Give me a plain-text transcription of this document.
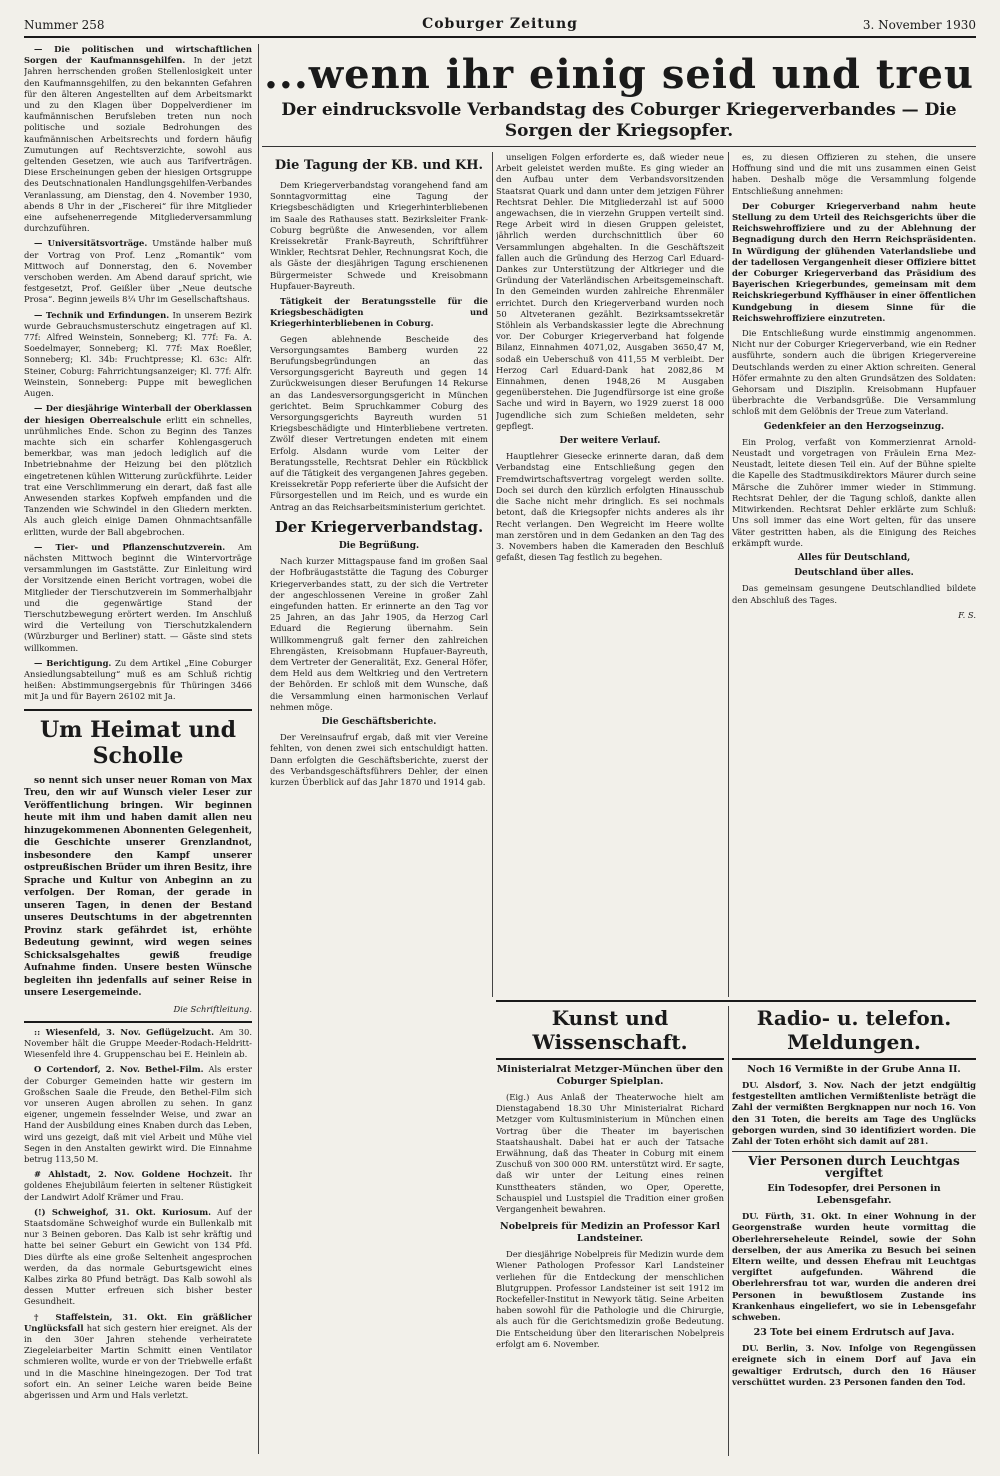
Nummer 258	Coburger Zeitung	3. November 1930

— Die politischen und wirtschaftlichen Sorgen der Kaufmannsgehilfen. In der jetzt Jahren herrschenden großen Stellenlosigkeit unter den Kaufmannsgehilfen, zu den bekannten Gefahren für den älteren Angestellten auf dem Arbeitsmarkt und zu den Klagen über Doppelverdiener im kaufmännischen Berufsleben treten nun noch politische und soziale Bedrohungen des kaufmännischen Arbeitsrechts und fordern häufig Zumutungen auf Rechtsverzichte, sowohl aus geltenden Gesetzen, wie auch aus Tarifverträgen. Diese Erscheinungen geben der hiesigen Ortsgruppe des Deutschnationalen Handlungsgehilfen-Verbandes Veranlassung, am Dienstag, den 4. November 1930, abends 8 Uhr in der „Fischerei“ für ihre Mitglieder eine aufsehenerregende Mitgliederversammlung durchzuführen.

— Universitätsvorträge. Umstände halber muß der Vortrag von Prof. Lenz „Romantik“ vom Mittwoch auf Donnerstag, den 6. November verschoben werden. Am Abend darauf spricht, wie festgesetzt, Prof. Geißler über „Neue deutsche Prosa“. Beginn jeweils 8¼ Uhr im Gesellschaftshaus.

— Technik und Erfindungen. In unserem Bezirk wurde Gebrauchsmusterschutz eingetragen auf Kl. 77f: Alfred Weinstein, Sonneberg; Kl. 77f: Fa. A. Soedelmayer, Sonneberg; Kl. 77f: Max Roeßler, Sonneberg; Kl. 34b: Fruchtpresse; Kl. 63c: Alfr. Steiner, Coburg: Fahrrichtungsanzeiger; Kl. 77f: Alfr. Weinstein, Sonneberg: Puppe mit beweglichen Augen.

— Der diesjährige Winterball der Oberklassen der hiesigen Oberrealschule erlitt ein schnelles, unrühmliches Ende. Schon zu Beginn des Tanzes machte sich ein scharfer Kohlengasgeruch bemerkbar, was man jedoch lediglich auf die Inbetriebnahme der Heizung bei den plötzlich eingetretenen kühlen Witterung zurückführte. Leider trat eine Verschlimmerung ein derart, daß fast alle Anwesenden starkes Kopfweh empfanden und die Tanzenden wie Schwindel in den Gliedern merkten. Als auch gleich einige Damen Ohnmachtsanfälle erlitten, wurde der Ball abgebrochen.

— Tier- und Pflanzenschutzverein. Am nächsten Mittwoch beginnt die Wintervorträge versammlungen im Gaststätte. Zur Einleitung wird der Vorsitzende einen Bericht vortragen, wobei die Mitglieder der Tierschutzverein im Sommerhalbjahr und die gegenwärtige Stand der Tierschutzbewegung erörtert werden. Im Anschluß wird die Verteilung von Tierschutzkalendern (Würzburger und Berliner) statt. — Gäste sind stets willkommen.

— Berichtigung. Zu dem Artikel „Eine Coburger Ansiedlungsabteilung“ muß es am Schluß richtig heißen: Abstimmungsergebnis für Thüringen 3466 mit Ja und für Bayern 26102 mit Ja.

Um Heimat und Scholle

so nennt sich unser neuer Roman von Max Treu, den wir auf Wunsch vieler Leser zur Veröffentlichung bringen. Wir beginnen heute mit ihm und haben damit allen neu hinzugekommenen Abonnenten Gelegenheit, die Geschichte unserer Grenzlandnot, insbesondere den Kampf unserer ostpreußischen Brüder um ihren Besitz, ihre Sprache und Kultur von Anbeginn an zu verfolgen. Der Roman, der gerade in unseren Tagen, in denen der Bestand unseres Deutschtums in der abgetrennten Provinz stark gefährdet ist, erhöhte Bedeutung gewinnt, wird wegen seines Schicksalsgehaltes gewiß freudige Aufnahme finden. Unsere besten Wünsche begleiten ihn jedenfalls auf seiner Reise in unsere Lesergemeinde.

Die Schriftleitung.

:: Wiesenfeld, 3. Nov. Geflügelzucht. Am 30. November hält die Gruppe Meeder-Rodach-Heldritt-Wiesenfeld ihre 4. Gruppenschau bei E. Heinlein ab.

O Cortendorf, 2. Nov. Bethel-Film. Als erster der Coburger Gemeinden hatte wir gestern im Großschen Saale die Freude, den Bethel-Film sich vor unseren Augen abrollen zu sehen. In ganz eigener, ungemein fesselnder Weise, und zwar an Hand der Ausbildung eines Knaben durch das Leben, wird uns gezeigt, daß mit viel Arbeit und Mühe viel Segen in den Anstalten gewirkt wird. Die Einnahme betrug 113,50 M.

# Ahlstadt, 2. Nov. Goldene Hochzeit. Ihr goldenes Ehejubiläum feierten in seltener Rüstigkeit der Landwirt Adolf Krämer und Frau.

(!) Schweighof, 31. Okt. Kuriosum. Auf der Staatsdomäne Schweighof wurde ein Bullenkalb mit nur 3 Beinen geboren. Das Kalb ist sehr kräftig und hatte bei seiner Geburt ein Gewicht von 134 Pfd. Dies dürfte als eine große Seltenheit angesprochen werden, da das normale Geburtsgewicht eines Kalbes zirka 80 Pfund beträgt. Das Kalb sowohl als dessen Mutter erfreuen sich bisher bester Gesundheit.

† Staffelstein, 31. Okt. Ein gräßlicher Unglücksfall hat sich gestern hier ereignet. Als der in den 30er Jahren stehende verheiratete Ziegeleiarbeiter Martin Schmitt einen Ventilator schmieren wollte, wurde er von der Triebwelle erfaßt und in die Maschine hineingezogen. Der Tod trat sofort ein. An seiner Leiche waren beide Beine abgerissen und Arm und Hals verletzt.

...wenn ihr einig seid und treu
Der eindrucksvolle Verbandstag des Coburger Kriegerverbandes — Die Sorgen der Kriegsopfer.
Die Tagung der KB. und KH.

Dem Kriegerverbandstag vorangehend fand am Sonntagvormittag eine Tagung der Kriegsbeschädigten und Kriegerhinterbliebenen im Saale des Rathauses statt. Bezirksleiter Frank-Coburg begrüßte die Anwesenden, vor allem Kreissekretär Frank-Bayreuth, Schriftführer Winkler, Rechtsrat Dehler, Rechnungsrat Koch, die als Gäste der diesjährigen Tagung erschienenen Bürgermeister Schwede und Kreisobmann Hupfauer-Bayreuth.

Tätigkeit der Beratungsstelle für die Kriegsbeschädigten und Kriegerhinterbliebenen in Coburg.

Gegen ablehnende Bescheide des Versorgungsamtes Bamberg wurden 22 Berufungsbegründungen an das Versorgungsgericht Bayreuth und gegen 14 Zurückweisungen dieser Berufungen 14 Rekurse an das Landesversorgungsgericht in München gerichtet. Beim Spruchkammer Coburg des Versorgungsgerichts Bayreuth wurden 51 Kriegsbeschädigte und Hinterbliebene vertreten. Zwölf dieser Vertretungen endeten mit einem Erfolg. Alsdann wurde vom Leiter der Beratungsstelle, Rechtsrat Dehler ein Rückblick auf die Tätigkeit des vergangenen Jahres gegeben. Kreissekretär Popp referierte über die Aufsicht der Fürsorgestellen und im Reich, und es wurde ein Antrag an das Reichsarbeitsministerium gerichtet.

Der Kriegerverbandstag.
Die Begrüßung.

Nach kurzer Mittagspause fand im großen Saal der Hofbräugaststätte die Tagung des Coburger Kriegerverbandes statt, zu der sich die Vertreter der angeschlossenen Vereine in großer Zahl eingefunden hatten. Er erinnerte an den Tag vor 25 Jahren, an das Jahr 1905, da Herzog Carl Eduard die Regierung übernahm. Sein Willkommengruß galt ferner den zahlreichen Ehrengästen, Kreisobmann Hupfauer-Bayreuth, dem Vertreter der Generalität, Exz. General Höfer, dem Held aus dem Weltkrieg und den Vertretern der Behörden. Er schloß mit dem Wunsche, daß die Versammlung einen harmonischen Verlauf nehmen möge.

Die Geschäftsberichte.

Der Vereinsaufruf ergab, daß mit vier Vereine fehlten, von denen zwei sich entschuldigt hatten. Dann erfolgten die Geschäftsberichte, zuerst der des Verbandsgeschäftsführers Dehler, der einen kurzen Überblick auf das Jahr 1870 und 1914 gab.

unseligen Folgen erforderte es, daß wieder neue Arbeit geleistet werden mußte. Es ging wieder an den Aufbau unter dem Verbandsvorsitzenden Staatsrat Quark und dann unter dem jetzigen Führer Rechtsrat Dehler. Die Mitgliederzahl ist auf 5000 angewachsen, die in vierzehn Gruppen verteilt sind. Rege Arbeit wird in diesen Gruppen geleistet, jährlich werden durchschnittlich über 60 Versammlungen abgehalten. In die Geschäftszeit fallen auch die Gründung des Herzog Carl Eduard-Dankes zur Unterstützung der Altkrieger und die Gründung der Vaterländischen Arbeitsgemeinschaft. In den Gemeinden wurden zahlreiche Ehrenmäler errichtet. Durch den Kriegerverband wurden noch 50 Altveteranen gezählt. Bezirksamtssekretär Stöhlein als Verbandskassier legte die Abrechnung vor. Der Coburger Kriegerverband hat folgende Bilanz, Einnahmen 4071,02, Ausgaben 3650,47 M, sodaß ein Ueberschuß von 411,55 M verbleibt. Der Herzog Carl Eduard-Dank hat 2082,86 M Einnahmen, denen 1948,26 M Ausgaben gegenüberstehen. Die Jugendfürsorge ist eine große Sache und wird in Bayern, wo 1929 zuerst 18 000 Jugendliche sich zum Schießen meldeten, sehr gepflegt.

Der weitere Verlauf.

Hauptlehrer Giesecke erinnerte daran, daß dem Verbandstag eine Entschließung gegen den Fremdwirtschaftsvertrag vorgelegt werden sollte. Doch sei durch den kürzlich erfolgten Hinausschub die Sache nicht mehr dringlich. Es sei nochmals betont, daß die Kriegsopfer nichts anderes als ihr Recht verlangen. Den Wegreicht im Heere wollte man zerstören und in dem Gedanken an den Tag des 3. Novembers haben die Kameraden den Beschluß gefaßt, diesen Tag festlich zu begehen.

es, zu diesen Offizieren zu stehen, die unsere Hoffnung sind und die mit uns zusammen einen Geist haben. Deshalb möge die Versammlung folgende Entschließung annehmen:

Der Coburger Kriegerverband nahm heute Stellung zu dem Urteil des Reichsgerichts über die Reichswehroffiziere und zu der Ablehnung der Begnadigung durch den Herrn Reichspräsidenten. In Würdigung der glühenden Vaterlandsliebe und der tadellosen Vergangenheit dieser Offiziere bittet der Coburger Kriegerverband das Präsidium des Bayerischen Kriegerbundes, gemeinsam mit dem Reichskriegerbund Kyffhäuser in einer öffentlichen Kundgebung in diesem Sinne für die Reichswehroffiziere einzutreten.

Die Entschließung wurde einstimmig angenommen. Nicht nur der Coburger Kriegerverband, wie ein Redner ausführte, sondern auch die übrigen Kriegervereine Deutschlands werden zu einer Aktion schreiten. General Höfer ermahnte zu den alten Grundsätzen des Soldaten: Gehorsam und Disziplin. Kreisobmann Hupfauer überbrachte die Verbandsgrüße. Die Versammlung schloß mit dem Gelöbnis der Treue zum Vaterland.

Gedenkfeier an den Herzogseinzug.

Ein Prolog, verfaßt von Kommerzienrat Arnold-Neustadt und vorgetragen von Fräulein Erna Mez-Neustadt, leitete diesen Teil ein. Auf der Bühne spielte die Kapelle des Stadtmusikdirektors Mäurer durch seine Märsche die Zuhörer immer wieder in Stimmung. Rechtsrat Dehler, der die Tagung schloß, dankte allen Mitwirkenden. Rechtsrat Dehler erklärte zum Schluß: Uns soll immer das eine Wort gelten, für das unsere Väter gestritten haben, als die Einigung des Reiches erkämpft wurde.

Alles für Deutschland,
Deutschland über alles.

Das gemeinsam gesungene Deutschlandlied bildete den Abschluß des Tages.

F. S.

Kunst und Wissenschaft.
Ministerialrat Metzger-München über den Coburger Spielplan.

(Eig.) Aus Anlaß der Theaterwoche hielt am Dienstagabend 18.30 Uhr Ministerialrat Richard Metzger vom Kultusministerium in München einen Vortrag über die Theater im bayerischen Staatshaushalt. Dabei hat er auch der Tatsache Erwähnung, daß das Theater in Coburg mit einem Zuschuß von 300 000 RM. unterstützt wird. Er sagte, daß wir unter der Leitung eines reinen Kunsttheaters ständen, wo Oper, Operette, Schauspiel und Lustspiel die Tradition einer großen Vergangenheit bewahren.

Nobelpreis für Medizin an Professor Karl Landsteiner.

Der diesjährige Nobelpreis für Medizin wurde dem Wiener Pathologen Professor Karl Landsteiner verliehen für die Entdeckung der menschlichen Blutgruppen. Professor Landsteiner ist seit 1912 im Rockefeller-Institut in Newyork tätig. Seine Arbeiten haben sowohl für die Pathologie und die Chirurgie, als auch für die Gerichtsmedizin große Bedeutung. Die Entscheidung über den literarischen Nobelpreis erfolgt am 6. November.

Radio- u. telefon. Meldungen.
Noch 16 Vermißte in der Grube Anna II.

DU. Alsdorf, 3. Nov. Nach der jetzt endgültig festgestellten amtlichen Vermißtenliste beträgt die Zahl der vermißten Bergknappen nur noch 16. Von den 31 Toten, die bereits am Tage des Unglücks geborgen wurden, sind 30 identifiziert worden. Die Zahl der Toten erhöht sich damit auf 281.

Vier Personen durch Leuchtgas vergiftet
Ein Todesopfer, drei Personen in Lebensgefahr.

DU. Fürth, 31. Okt. In einer Wohnung in der Georgenstraße wurden heute vormittag die Oberlehrerseheleute Reindel, sowie der Sohn derselben, der aus Amerika zu Besuch bei seinen Eltern weilte, und dessen Ehefrau mit Leuchtgas vergiftet aufgefunden. Während die Oberlehrersfrau tot war, wurden die anderen drei Personen in bewußtlosem Zustande ins Krankenhaus eingeliefert, wo sie in Lebensgefahr schweben.

23 Tote bei einem Erdrutsch auf Java.

DU. Berlin, 3. Nov. Infolge von Regengüssen ereignete sich in einem Dorf auf Java ein gewaltiger Erdrutsch, durch den 16 Häuser verschüttet wurden. 23 Personen fanden den Tod.
